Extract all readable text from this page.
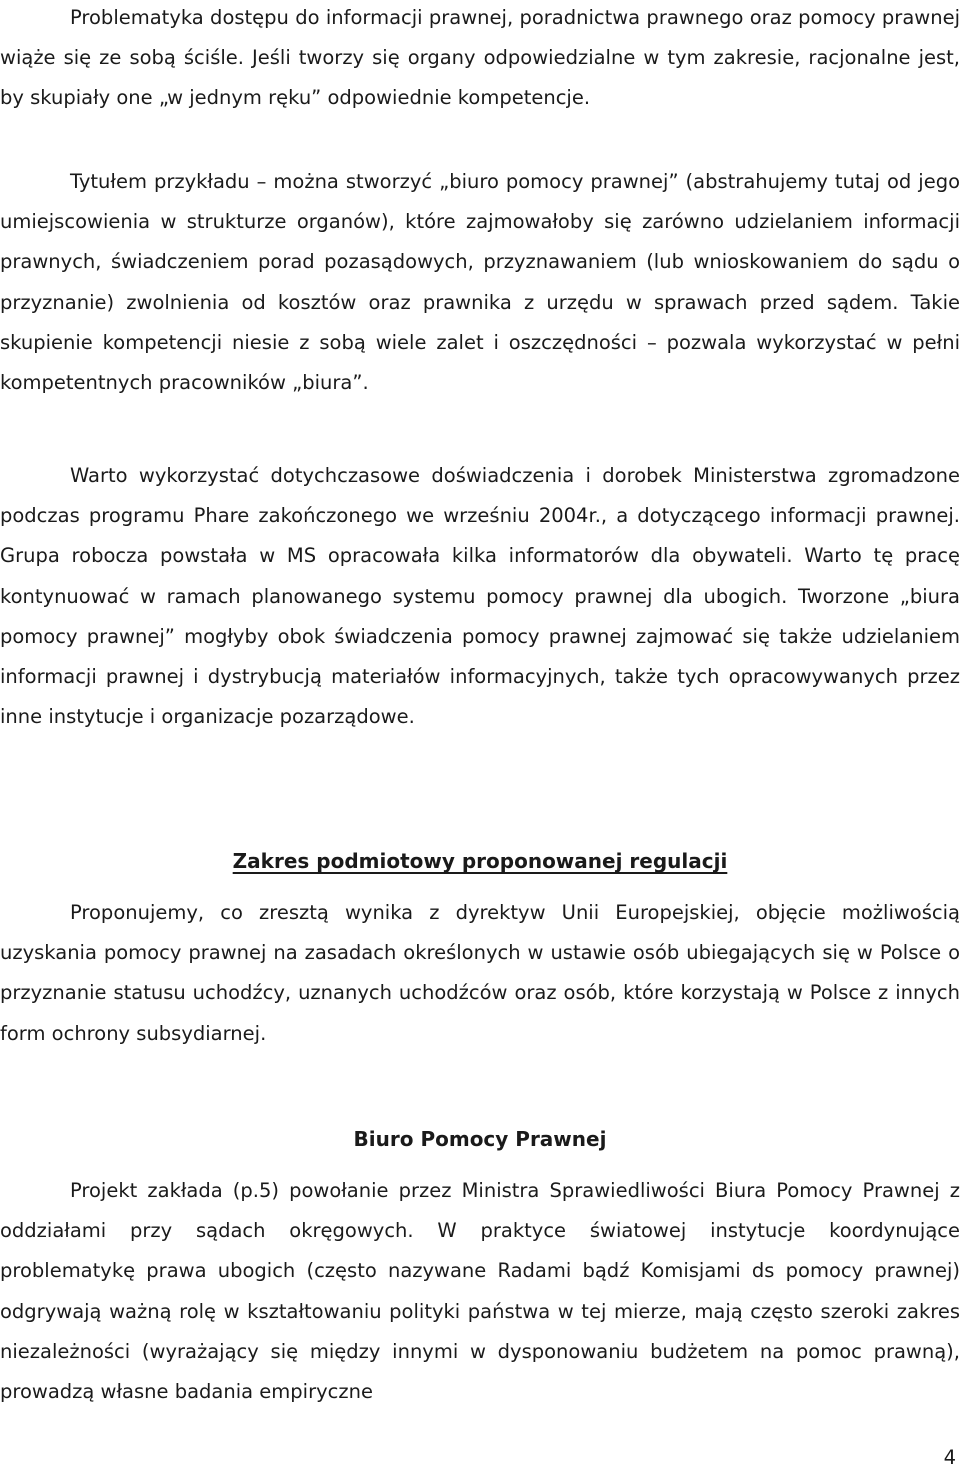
Problematyka dostępu do informacji prawnej, poradnictwa prawnego oraz pomocy prawnej wiąże się ze sobą ściśle. Jeśli tworzy się organy odpowiedzialne w tym zakresie, racjonalne jest, by skupiały one „w jednym ręku” odpowiednie kompetencje.

Tytułem przykładu – można stworzyć „biuro pomocy prawnej” (abstrahujemy tutaj od jego umiejscowienia w strukturze organów), które zajmowałoby się zarówno udzielaniem informacji prawnych, świadczeniem porad pozasądowych, przyznawaniem (lub wnioskowaniem do sądu o przyznanie) zwolnienia od kosztów oraz prawnika z urzędu w sprawach przed sądem. Takie skupienie kompetencji niesie z sobą wiele zalet i oszczędności – pozwala wykorzystać w pełni kompetentnych pracowników „biura”.

Warto wykorzystać dotychczasowe doświadczenia i dorobek Ministerstwa zgromadzone podczas programu Phare zakończonego we wrześniu 2004r., a dotyczącego informacji prawnej. Grupa robocza powstała w MS opracowała kilka informatorów dla obywateli. Warto tę pracę kontynuować w ramach planowanego systemu pomocy prawnej dla ubogich. Tworzone „biura pomocy prawnej” mogłyby obok świadczenia pomocy prawnej zajmować się także udzielaniem informacji prawnej i dystrybucją materiałów informacyjnych, także tych opracowywanych przez inne instytucje i organizacje pozarządowe.

Zakres podmiotowy proponowanej regulacji

Proponujemy, co zresztą wynika z dyrektyw Unii Europejskiej, objęcie możliwością uzyskania pomocy prawnej na zasadach określonych w ustawie osób ubiegających się w Polsce o przyznanie statusu uchodźcy, uznanych uchodźców oraz osób, które korzystają w Polsce z innych form ochrony subsydiarnej.

Biuro Pomocy Prawnej

Projekt zakłada (p.5) powołanie przez Ministra Sprawiedliwości Biura Pomocy Prawnej z oddziałami przy sądach okręgowych. W praktyce światowej instytucje koordynujące problematykę prawa ubogich (często nazywane Radami bądź Komisjami ds pomocy prawnej) odgrywają ważną rolę w kształtowaniu polityki państwa w tej mierze, mają często szeroki zakres niezależności (wyrażający się między innymi w dysponowaniu budżetem na pomoc prawną), prowadzą własne badania empiryczne

4
